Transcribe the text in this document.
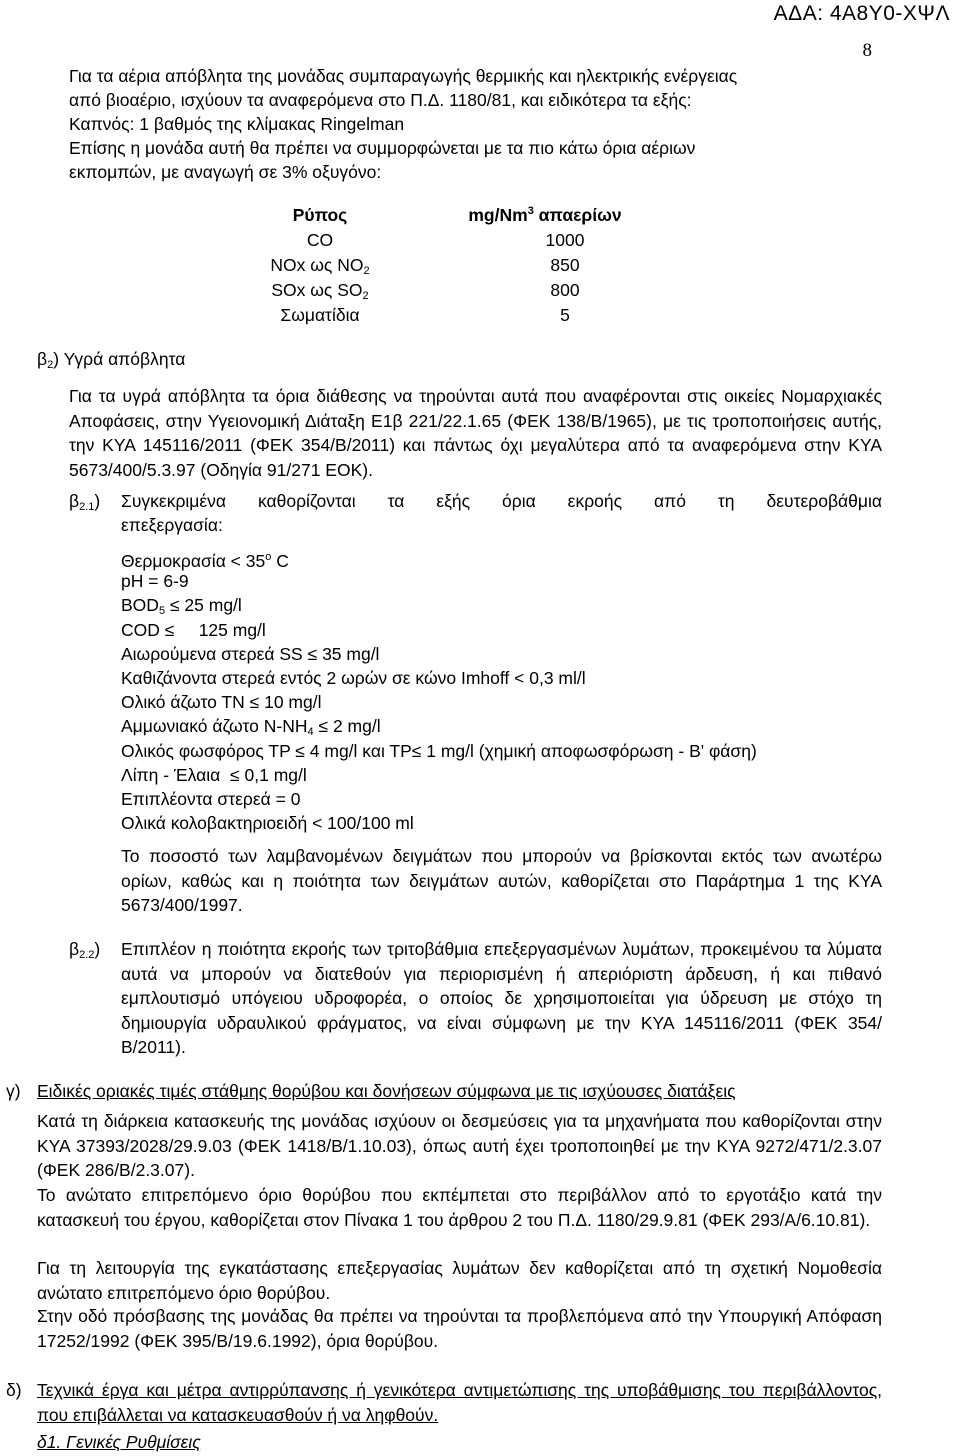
ΑΔΑ: 4Α8Υ0-ΧΨΛ
8
Για τα αέρια απόβλητα της μονάδας συμπαραγωγής θερμικής και ηλεκτρικής ενέργειας
από βιοαέριο, ισχύουν τα αναφερόμενα στο Π.Δ. 1180/81, και ειδικότερα τα εξής:
Καπνός: 1 βαθμός της κλίμακας Ringelman
Επίσης η μονάδα αυτή θα πρέπει να συμμορφώνεται με τα πιο κάτω όρια αέριων
εκπομπών, με αναγωγή σε 3% οξυγόνο:
Ρύπος	mg/Nm$^3$ απαερίων
CO	1000
NOx ως $NO_2$	850
SOx ως $SO_2$	800
Σωματίδια	5
$\beta_2$) Υγρά απόβλητα
Για τα υγρά απόβλητα τα όρια διάθεσης να τηρούνται αυτά που αναφέρονται στις οικείες Νομαρχιακές Αποφάσεις, στην Υγειονομική Διάταξη Ε1β 221/22.1.65 (ΦΕΚ 138/Β/1965), με τις τροποποιήσεις αυτής, την ΚΥΑ 145116/2011 (ΦΕΚ 354/Β/2011) και πάντως όχι μεγαλύτερα από τα αναφερόμενα στην ΚΥΑ 5673/400/5.3.97 (Οδηγία 91/271 ΕΟΚ).
$\beta_{2.1}$) Συγκεκριμένα καθορίζονται τα εξής όρια εκροής από τη δευτεροβάθμια
επεξεργασία:
$\Theta\varepsilon\rho\mu o\kappa\rho\alpha\sigma ί\alpha < 35^o$ C
pH = 6-9
$BOD_5 \le 25$ mg/l
COD ≤ 125 mg/l
Αιωρούμενα στερεά SS ≤ 35 mg/l
Καθιζάνοντα στερεά εντός 2 ωρών σε κώνο Imhoff < 0,3 ml/l
Ολικό άζωτο ΤΝ ≤ 10 mg/l
Αμμωνιακό άζωτο $N-NH_4 \le 2$ mg/l
Ολικός φωσφόρος ΤΡ ≤ 4 mg/l και ΤΡ≤ 1 mg/l (χημική αποφωσφόρωση - Β' φάση)
Λίπη - Έλαια ≤ 0,1 mg/l
Επιπλέοντα στερεά = 0
Ολικά κολοβακτηριοειδή < 100/100 ml
Το ποσοστό των λαμβανομένων δειγμάτων που μπορούν να βρίσκονται εκτός των ανωτέρω ορίων, καθώς και η ποιότητα των δειγμάτων αυτών, καθορίζεται στο Παράρτημα 1 της ΚΥΑ 5673/400/1997.
$\beta_{2.2}$) Επιπλέον η ποιότητα εκροής των τριτοβάθμια επεξεργασμένων λυμάτων, προκειμένου τα λύματα αυτά να μπορούν να διατεθούν για περιορισμένη ή απεριόριστη άρδευση, ή και πιθανό εμπλουτισμό υπόγειου υδροφορέα, ο οποίος δε χρησιμοποιείται για ύδρευση με στόχο τη δημιουργία υδραυλικού φράγματος, να είναι σύμφωνη με την ΚΥΑ 145116/2011 (ΦΕΚ 354/Β/2011).
γ) Ειδικές οριακές τιμές στάθμης θορύβου και δονήσεων σύμφωνα με τις ισχύουσες διατάξεις
Κατά τη διάρκεια κατασκευής της μονάδας ισχύουν οι δεσμεύσεις για τα μηχανήματα που καθορίζονται στην ΚΥΑ 37393/2028/29.9.03 (ΦΕΚ 1418/Β/1.10.03), όπως αυτή έχει τροποποιηθεί με την ΚΥΑ 9272/471/2.3.07 (ΦΕΚ 286/Β/2.3.07).
Το ανώτατο επιτρεπόμενο όριο θορύβου που εκπέμπεται στο περιβάλλον από το εργοτάξιο κατά την κατασκευή του έργου, καθορίζεται στον Πίνακα 1 του άρθρου 2 του Π.Δ. 1180/29.9.81 (ΦΕΚ 293/Α/6.10.81).
Για τη λειτουργία της εγκατάστασης επεξεργασίας λυμάτων δεν καθορίζεται από τη σχετική Νομοθεσία ανώτατο επιτρεπόμενο όριο θορύβου.
Στην οδό πρόσβασης της μονάδας θα πρέπει να τηρούνται τα προβλεπόμενα από την Υπουργική Απόφαση 17252/1992 (ΦΕΚ 395/Β/19.6.1992), όρια θορύβου.
δ) Τεχνικά έργα και μέτρα αντιρρύπανσης ή γενικότερα αντιμετώπισης της υποβάθμισης του περιβάλλοντος, που επιβάλλεται να κατασκευασθούν ή να ληφθούν.
δ1. Γενικές Ρυθμίσεις
